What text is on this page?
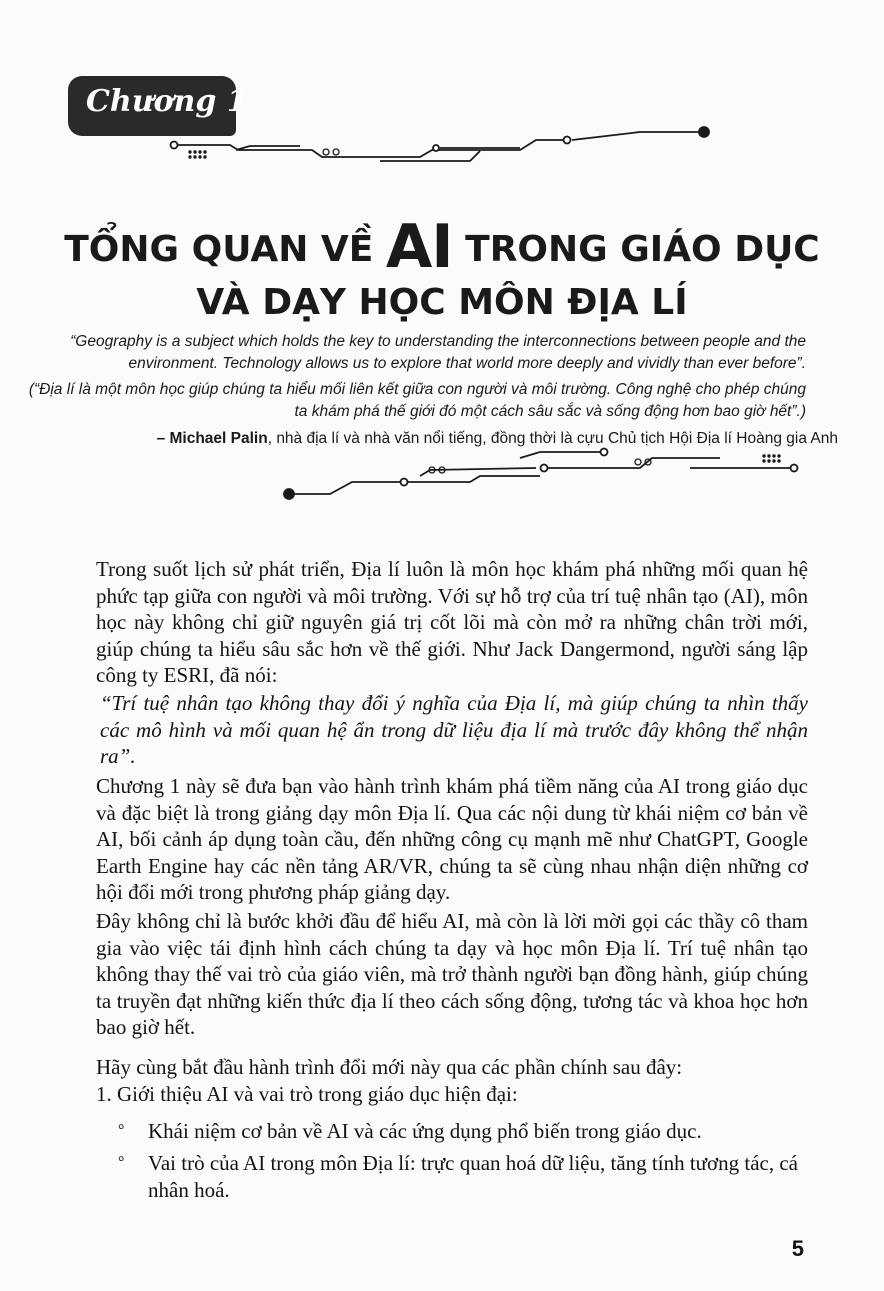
Chương 1
TỔNG QUAN VỀ AI TRONG GIÁO DỤC
VÀ DẠY HỌC MÔN ĐỊA LÍ
“Geography is a subject which holds the key to understanding the interconnections between people and the environment. Technology allows us to explore that world more deeply and vividly than ever before”.
(“Địa lí là một môn học giúp chúng ta hiểu mối liên kết giữa con người và môi trường. Công nghệ cho phép chúng ta khám phá thế giới đó một cách sâu sắc và sống động hơn bao giờ hết”.)
– Michael Palin, nhà địa lí và nhà văn nổi tiếng, đồng thời là cựu Chủ tịch Hội Địa lí Hoàng gia Anh
Trong suốt lịch sử phát triển, Địa lí luôn là môn học khám phá những mối quan hệ phức tạp giữa con người và môi trường. Với sự hỗ trợ của trí tuệ nhân tạo (AI), môn học này không chỉ giữ nguyên giá trị cốt lõi mà còn mở ra những chân trời mới, giúp chúng ta hiểu sâu sắc hơn về thế giới. Như Jack Dangermond, người sáng lập công ty ESRI, đã nói:
“Trí tuệ nhân tạo không thay đổi ý nghĩa của Địa lí, mà giúp chúng ta nhìn thấy các mô hình và mối quan hệ ẩn trong dữ liệu địa lí mà trước đây không thể nhận ra”.
Chương 1 này sẽ đưa bạn vào hành trình khám phá tiềm năng của AI trong giáo dục và đặc biệt là trong giảng dạy môn Địa lí. Qua các nội dung từ khái niệm cơ bản về AI, bối cảnh áp dụng toàn cầu, đến những công cụ mạnh mẽ như ChatGPT, Google Earth Engine hay các nền tảng AR/VR, chúng ta sẽ cùng nhau nhận diện những cơ hội đổi mới trong phương pháp giảng dạy.
Đây không chỉ là bước khởi đầu để hiểu AI, mà còn là lời mời gọi các thầy cô tham gia vào việc tái định hình cách chúng ta dạy và học môn Địa lí. Trí tuệ nhân tạo không thay thế vai trò của giáo viên, mà trở thành người bạn đồng hành, giúp chúng ta truyền đạt những kiến thức địa lí theo cách sống động, tương tác và khoa học hơn bao giờ hết.
Hãy cùng bắt đầu hành trình đổi mới này qua các phần chính sau đây:
1. Giới thiệu AI và vai trò trong giáo dục hiện đại:
° Khái niệm cơ bản về AI và các ứng dụng phổ biến trong giáo dục.
° Vai trò của AI trong môn Địa lí: trực quan hoá dữ liệu, tăng tính tương tác, cá nhân hoá.
5
